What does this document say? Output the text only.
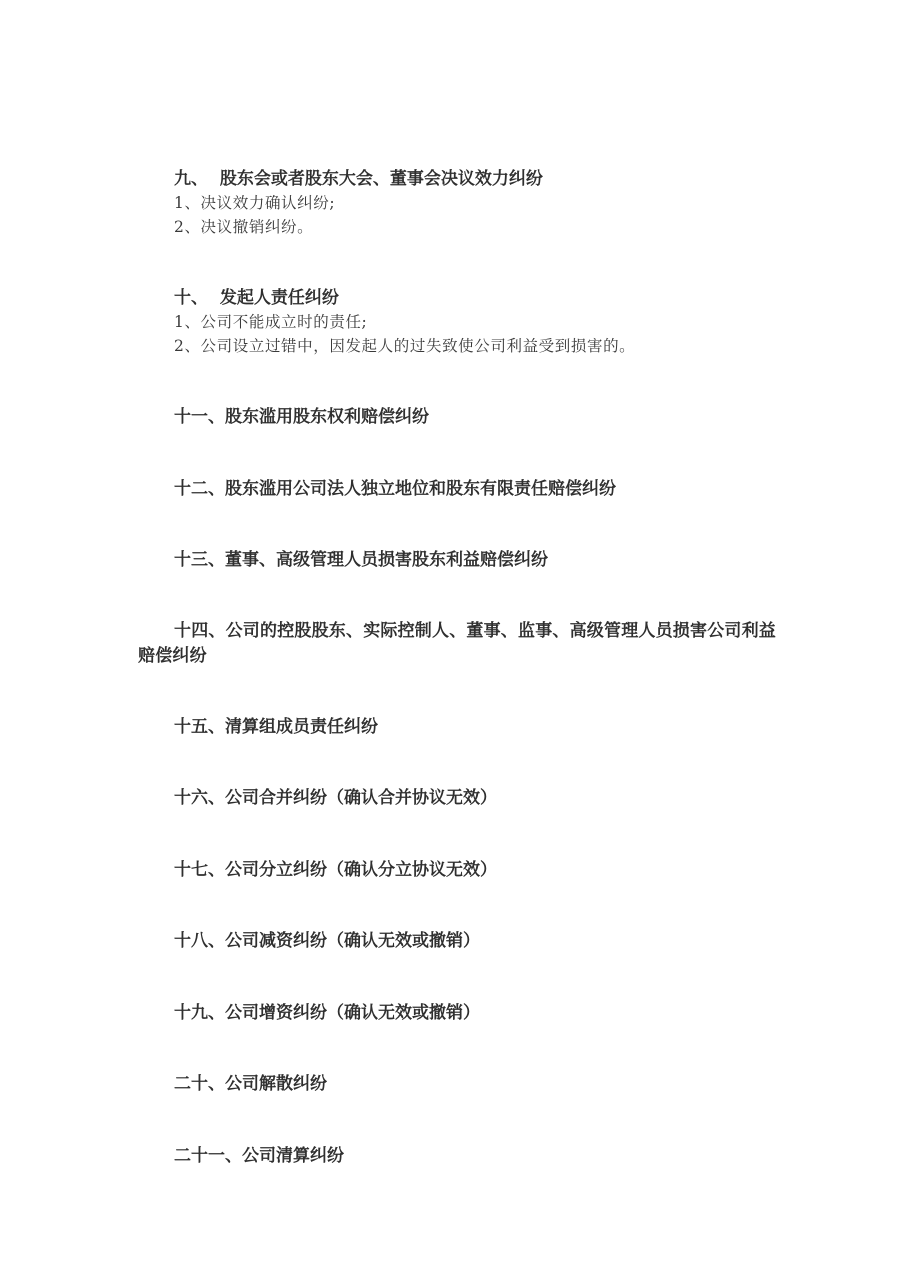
九、  股东会或者股东大会、董事会决议效力纠纷
1、决议效力确认纠纷;
2、决议撤销纠纷。
十、  发起人责任纠纷
1、公司不能成立时的责任;
2、公司设立过错中，因发起人的过失致使公司利益受到损害的。
十一、股东滥用股东权利赔偿纠纷
十二、股东滥用公司法人独立地位和股东有限责任赔偿纠纷
十三、董事、高级管理人员损害股东利益赔偿纠纷
十四、公司的控股股东、实际控制人、董事、监事、高级管理人员损害公司利益赔偿纠纷
十五、清算组成员责任纠纷
十六、公司合并纠纷（确认合并协议无效）
十七、公司分立纠纷（确认分立协议无效）
十八、公司减资纠纷（确认无效或撤销）
十九、公司增资纠纷（确认无效或撤销）
二十、公司解散纠纷
二十一、公司清算纠纷
